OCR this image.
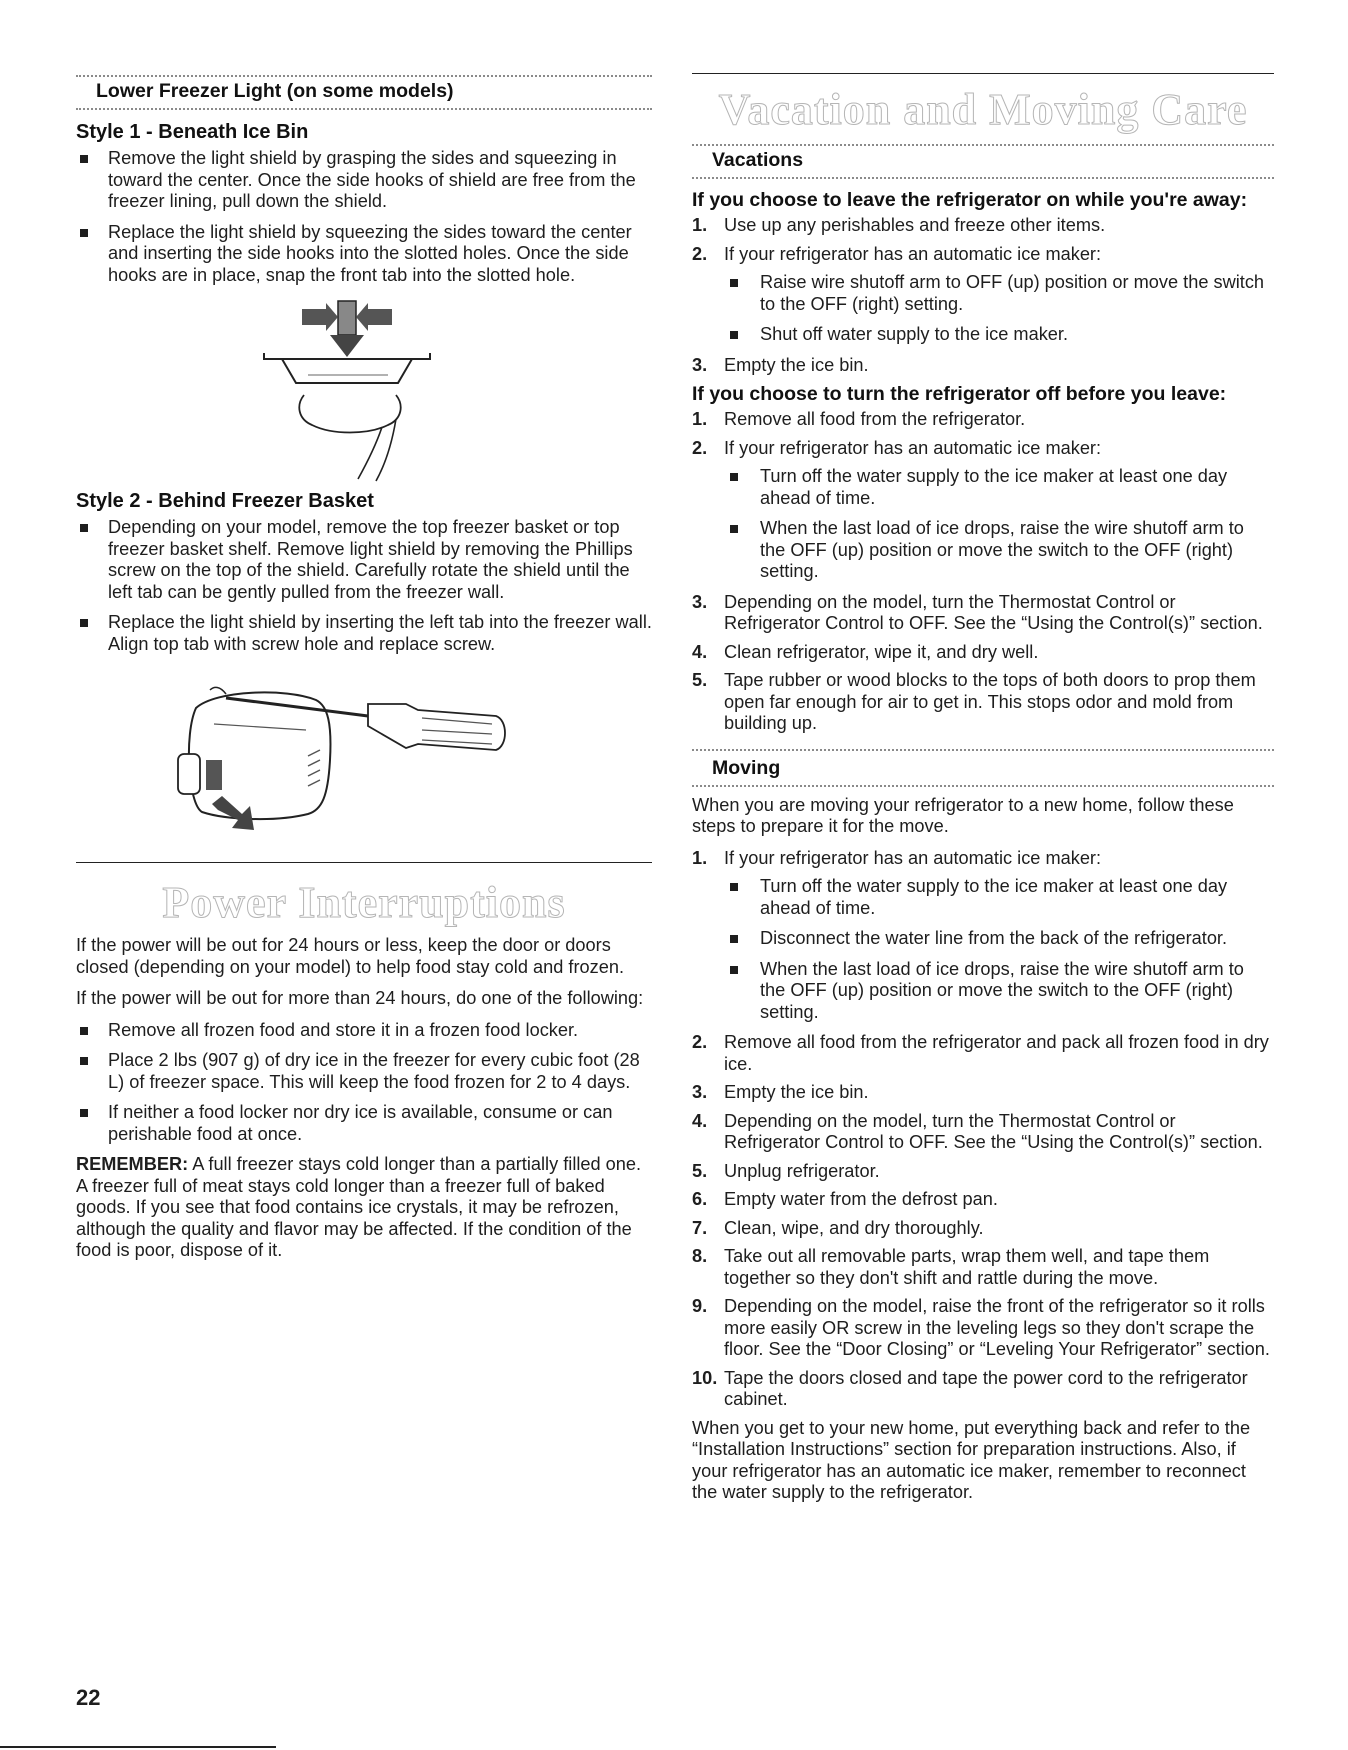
Lower Freezer Light (on some models)
Style 1 - Beneath Ice Bin
Remove the light shield by grasping the sides and squeezing in toward the center. Once the side hooks of shield are free from the freezer lining, pull down the shield.
Replace the light shield by squeezing the sides toward the center and inserting the side hooks into the slotted holes. Once the side hooks are in place, snap the front tab into the slotted hole.
Style 2 - Behind Freezer Basket
Depending on your model, remove the top freezer basket or top freezer basket shelf. Remove light shield by removing the Phillips screw on the top of the shield. Carefully rotate the shield until the left tab can be gently pulled from the freezer wall.
Replace the light shield by inserting the left tab into the freezer wall. Align top tab with screw hole and replace screw.
Power Interruptions

If the power will be out for 24 hours or less, keep the door or doors closed (depending on your model) to help food stay cold and frozen.

If the power will be out for more than 24 hours, do one of the following:

Remove all frozen food and store it in a frozen food locker.
Place 2 lbs (907 g) of dry ice in the freezer for every cubic foot (28 L) of freezer space. This will keep the food frozen for 2 to 4 days.
If neither a food locker nor dry ice is available, consume or can perishable food at once.

REMEMBER: A full freezer stays cold longer than a partially filled one. A freezer full of meat stays cold longer than a freezer full of baked goods. If you see that food contains ice crystals, it may be refrozen, although the quality and flavor may be affected. If the condition of the food is poor, dispose of it.

Vacation and Moving Care
Vacations
If you choose to leave the refrigerator on while you're away:
1. Use up any perishables and freeze other items.
2. If your refrigerator has an automatic ice maker:
Raise wire shutoff arm to OFF (up) position or move the switch to the OFF (right) setting.
Shut off water supply to the ice maker.
3. Empty the ice bin.
If you choose to turn the refrigerator off before you leave:
1. Remove all food from the refrigerator.
2. If your refrigerator has an automatic ice maker:
Turn off the water supply to the ice maker at least one day ahead of time.
When the last load of ice drops, raise the wire shutoff arm to the OFF (up) position or move the switch to the OFF (right) setting.
3. Depending on the model, turn the Thermostat Control or Refrigerator Control to OFF. See the “Using the Control(s)” section.
4. Clean refrigerator, wipe it, and dry well.
5. Tape rubber or wood blocks to the tops of both doors to prop them open far enough for air to get in. This stops odor and mold from building up.
Moving

When you are moving your refrigerator to a new home, follow these steps to prepare it for the move.

1. If your refrigerator has an automatic ice maker:
Turn off the water supply to the ice maker at least one day ahead of time.
Disconnect the water line from the back of the refrigerator.
When the last load of ice drops, raise the wire shutoff arm to the OFF (up) position or move the switch to the OFF (right) setting.
2. Remove all food from the refrigerator and pack all frozen food in dry ice.
3. Empty the ice bin.
4. Depending on the model, turn the Thermostat Control or Refrigerator Control to OFF. See the “Using the Control(s)” section.
5. Unplug refrigerator.
6. Empty water from the defrost pan.
7. Clean, wipe, and dry thoroughly.
8. Take out all removable parts, wrap them well, and tape them together so they don't shift and rattle during the move.
9. Depending on the model, raise the front of the refrigerator so it rolls more easily OR screw in the leveling legs so they don't scrape the floor. See the “Door Closing” or “Leveling Your Refrigerator” section.
10. Tape the doors closed and tape the power cord to the refrigerator cabinet.

When you get to your new home, put everything back and refer to the “Installation Instructions” section for preparation instructions. Also, if your refrigerator has an automatic ice maker, remember to reconnect the water supply to the refrigerator.

22
